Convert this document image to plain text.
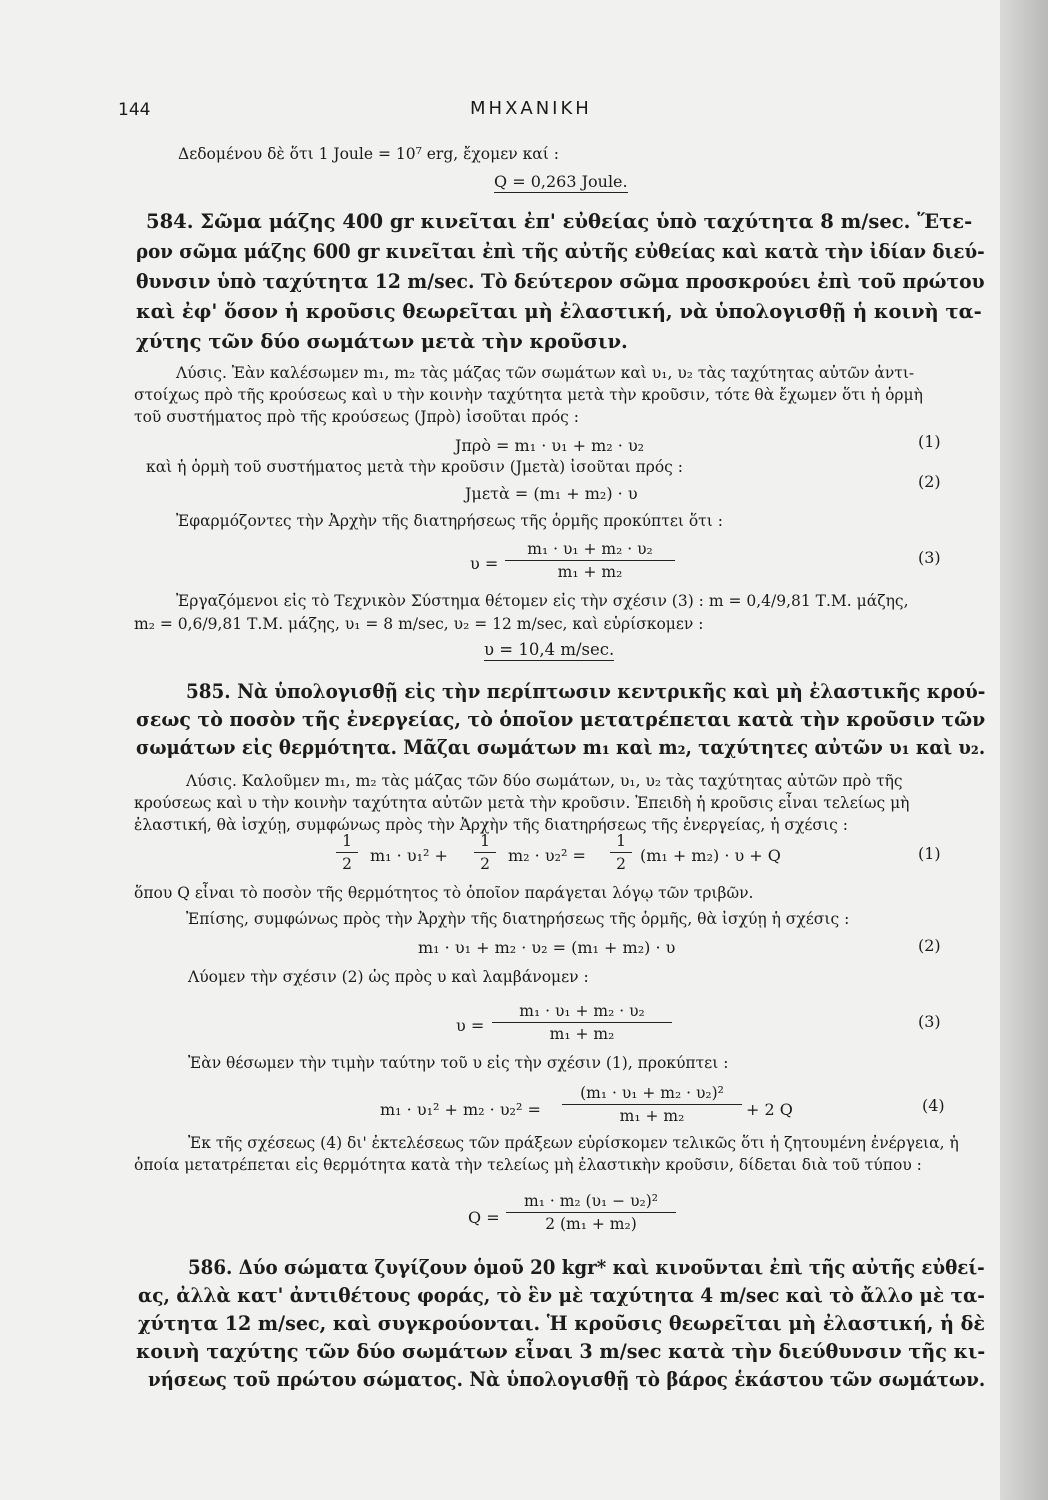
144	ΜΗΧΑΝΙΚΗ
Δεδομένου δὲ ὅτι 1 Joule = 10⁷ erg, ἔχομεν καί :
Q = 0,263 Joule.
584. Σῶμα μάζης 400 gr κινεῖται ἐπ' εὐθείας ὑπὸ ταχύτητα 8 m/sec. Ἕτε-
ρον σῶμα μάζης 600 gr κινεῖται ἐπὶ τῆς αὐτῆς εὐθείας καὶ κατὰ τὴν ἰδίαν διεύ-
θυνσιν ὑπὸ ταχύτητα 12 m/sec. Τὸ δεύτερον σῶμα προσκρούει ἐπὶ τοῦ πρώτου
καὶ ἐφ' ὅσον ἡ κροῦσις θεωρεῖται μὴ ἐλαστική, νὰ ὑπολογισθῇ ἡ κοινὴ τα-
χύτης τῶν δύο σωμάτων μετὰ τὴν κροῦσιν.
Λύσις. Ἐὰν καλέσωμεν m₁, m₂ τὰς μάζας τῶν σωμάτων καὶ υ₁, υ₂ τὰς ταχύτητας αὐτῶν ἀντι-
στοίχως πρὸ τῆς κρούσεως καὶ υ τὴν κοινὴν ταχύτητα μετὰ τὴν κροῦσιν, τότε θὰ ἔχωμεν ὅτι ἡ ὁρμὴ
τοῦ συστήματος πρὸ τῆς κρούσεως (Jπρὸ) ἰσοῦται πρός :
Jπρὸ = m₁ · υ₁ + m₂ · υ₂	(1)
καὶ ἡ ὁρμὴ τοῦ συστήματος μετὰ τὴν κροῦσιν (Jμετὰ) ἰσοῦται πρός :
Jμετὰ = (m₁ + m₂) · υ
(2)
Ἐφαρμόζοντες τὴν Ἀρχὴν τῆς διατηρήσεως τῆς ὁρμῆς προκύπτει ὅτι :
$\upsilon = \frac{\text{m₁ · υ₁ + m₂ · υ₂}}{\text{m₁ + m₂}}$	(3)
Ἐργαζόμενοι εἰς τὸ Τεχνικὸν Σύστημα θέτομεν εἰς τὴν σχέσιν (3) : m = 0,4/9,81 Τ.Μ. μάζης,
m₂ = 0,6/9,81 Τ.Μ. μάζης, υ₁ = 8 m/sec, υ₂ = 12 m/sec, καὶ εὑρίσκομεν :
υ = 10,4 m/sec.
585. Νὰ ὑπολογισθῇ εἰς τὴν περίπτωσιν κεντρικῆς καὶ μὴ ἐλαστικῆς κρού-
σεως τὸ ποσὸν τῆς ἐνεργείας, τὸ ὁποῖον μετατρέπεται κατὰ τὴν κροῦσιν τῶν
σωμάτων εἰς θερμότητα. Μᾶζαι σωμάτων m₁ καὶ m₂, ταχύτητες αὐτῶν υ₁ καὶ υ₂.
Λύσις. Καλοῦμεν m₁, m₂ τὰς μάζας τῶν δύο σωμάτων, υ₁, υ₂ τὰς ταχύτητας αὐτῶν πρὸ τῆς
κρούσεως καὶ υ τὴν κοινὴν ταχύτητα αὐτῶν μετὰ τὴν κροῦσιν. Ἐπειδὴ ἡ κροῦσις εἶναι τελείως μὴ
ἐλαστική, θὰ ἰσχύῃ, συμφώνως πρὸς τὴν Ἀρχὴν τῆς διατηρήσεως τῆς ἐνεργείας, ἡ σχέσις :
$\frac{1}{2} m_1 \cdot \upsilon_1^2 + \frac{1}{2} m_2 \cdot \upsilon_2^2 = \frac{1}{2} (m_1 + m_2) \cdot \upsilon + Q$	(1)
ὅπου Q εἶναι τὸ ποσὸν τῆς θερμότητος τὸ ὁποῖον παράγεται λόγῳ τῶν τριβῶν.
Ἐπίσης, συμφώνως πρὸς τὴν Ἀρχὴν τῆς διατηρήσεως τῆς ὁρμῆς, θὰ ἰσχύῃ ἡ σχέσις :
m₁ · υ₁ + m₂ · υ₂ = (m₁ + m₂) · υ	(2)
Λύομεν τὴν σχέσιν (2) ὡς πρὸς υ καὶ λαμβάνομεν :
$\upsilon = \frac{\text{m₁ · υ₁ + m₂ · υ₂}}{\text{m₁ + m₂}}$	(3)
Ἐὰν θέσωμεν τὴν τιμὴν ταύτην τοῦ υ εἰς τὴν σχέσιν (1), προκύπτει :
$m_1 \cdot \upsilon_1^2 + m_2 \cdot \upsilon_2^2 = \frac{\text{(m₁ · υ₁ + m₂ · υ₂)²}}{\text{m₁ + m₂}} + 2$ Q	(4)
Ἐκ τῆς σχέσεως (4) δι' ἐκτελέσεως τῶν πράξεων εὑρίσκομεν τελικῶς ὅτι ἡ ζητουμένη ἐνέργεια, ἡ
ὁποία μετατρέπεται εἰς θερμότητα κατὰ τὴν τελείως μὴ ἐλαστικὴν κροῦσιν, δίδεται διὰ τοῦ τύπου :
$Q = \frac{\text{m₁ · m₂ (υ₁ − υ₂)²}}{\text{2 (m₁ + m₂)}}$
586. Δύο σώματα ζυγίζουν ὁμοῦ 20 kgr* καὶ κινοῦνται ἐπὶ τῆς αὐτῆς εὐθεί-
ας, ἀλλὰ κατ' ἀντιθέτους φοράς, τὸ ἓν μὲ ταχύτητα 4 m/sec καὶ τὸ ἄλλο μὲ τα-
χύτητα 12 m/sec, καὶ συγκρούονται. Ἡ κροῦσις θεωρεῖται μὴ ἐλαστική, ἡ δὲ
κοινὴ ταχύτης τῶν δύο σωμάτων εἶναι 3 m/sec κατὰ τὴν διεύθυνσιν τῆς κι-
νήσεως τοῦ πρώτου σώματος. Νὰ ὑπολογισθῇ τὸ βάρος ἑκάστου τῶν σωμάτων.
